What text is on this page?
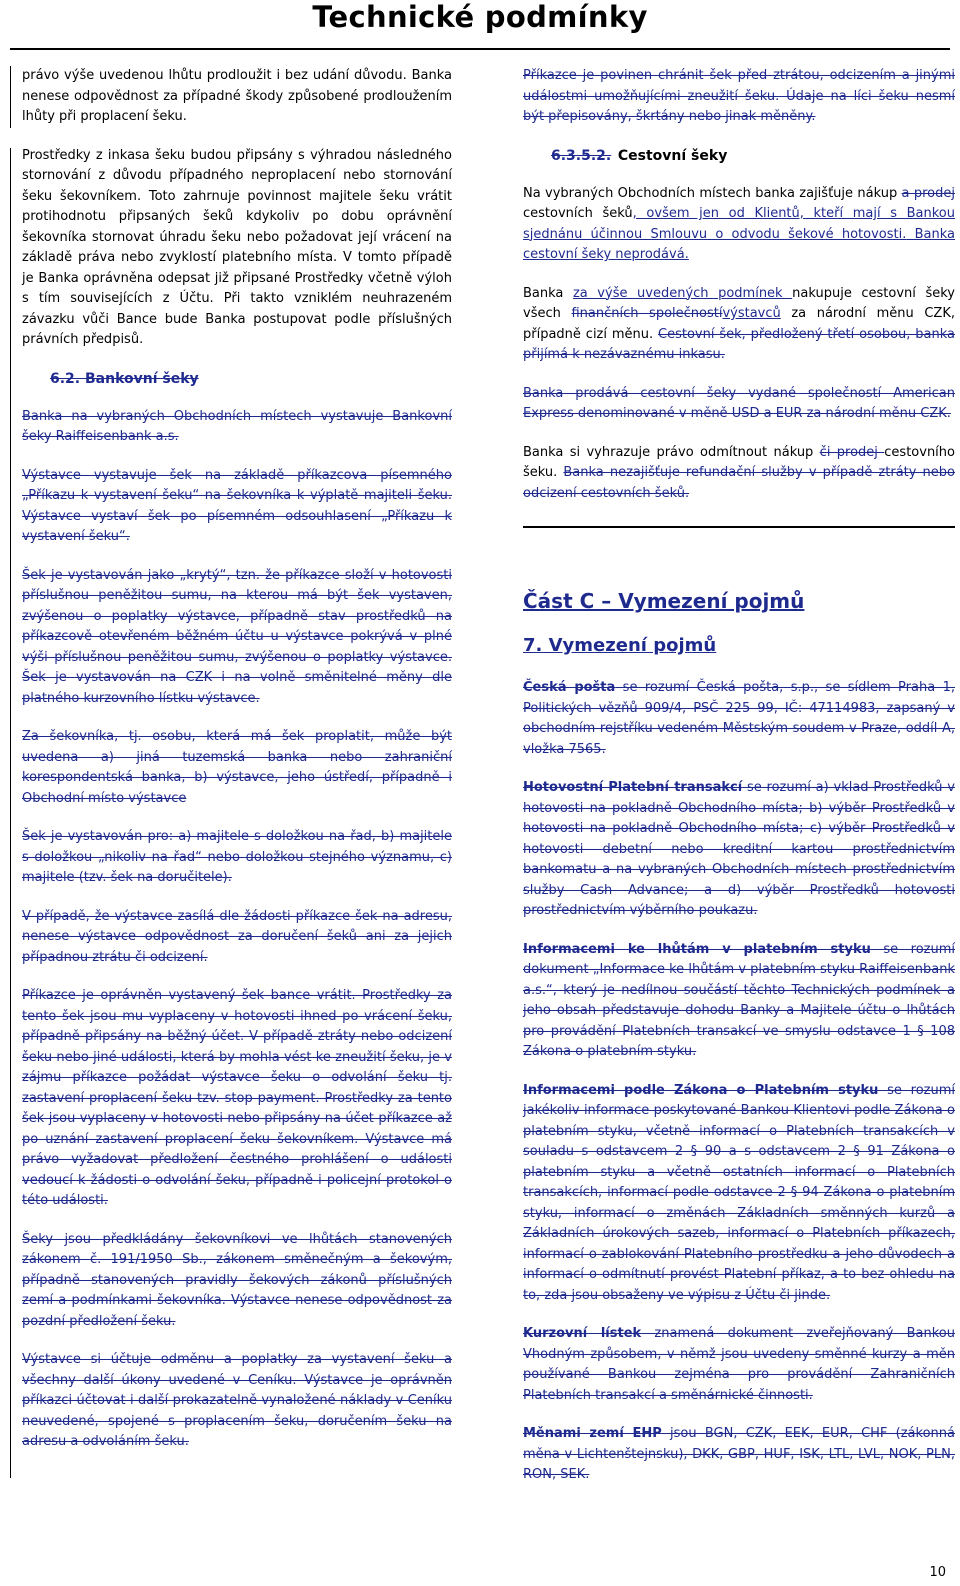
Technické podmínky

právo výše uvedenou lhůtu prodloužit i bez udání důvodu. Banka nenese odpovědnost za případné škody způsobené prodloužením lhůty při proplacení šeku.

Prostředky z inkasa šeku budou připsány s výhradou následného stornování z důvodu případného neproplacení nebo stornování šeku šekovníkem. Toto zahrnuje povinnost majitele šeku vrátit protihodnotu připsaných šeků kdykoliv po dobu oprávnění šekovníka stornovat úhradu šeku nebo požadovat její vrácení na základě práva nebo zvyklostí platebního místa. V tomto případě je Banka oprávněna odepsat již připsané Prostředky včetně výloh s tím souvisejících z Účtu. Při takto vzniklém neuhrazeném závazku vůči Bance bude Banka postupovat podle příslušných právních předpisů.

6.2. Bankovní šeky

Banka na vybraných Obchodních místech vystavuje Bankovní šeky Raiffeisenbank a.s.

Výstavce vystavuje šek na základě příkazcova písemného „Příkazu k vystavení šeku“ na šekovníka k výplatě majiteli šeku. Výstavce vystaví šek po písemném odsouhlasení „Příkazu k vystavení šeku“.

Šek je vystavován jako „krytý“, tzn. že příkazce složí v hotovosti příslušnou peněžitou sumu, na kterou má být šek vystaven, zvýšenou o poplatky výstavce, případně stav prostředků na příkazcově otevřeném běžném účtu u výstavce pokrývá v plné výši příslušnou peněžitou sumu, zvýšenou o poplatky výstavce. Šek je vystavován na CZK i na volně směnitelné měny dle platného kurzovního lístku výstavce.

Za šekovníka, tj. osobu, která má šek proplatit, může být uvedena a) jiná tuzemská banka nebo zahraniční korespondentská banka, b) výstavce, jeho ústředí, případně i Obchodní místo výstavce

Šek je vystavován pro: a) majitele s doložkou na řad, b) majitele s doložkou „nikoliv na řad“ nebo doložkou stejného významu, c) majitele (tzv. šek na doručitele).

V případě, že výstavce zasílá dle žádosti příkazce šek na adresu, nenese výstavce odpovědnost za doručení šeků ani za jejich případnou ztrátu či odcizení.

Příkazce je oprávněn vystavený šek bance vrátit. Prostředky za tento šek jsou mu vyplaceny v hotovosti ihned po vrácení šeku, případně připsány na běžný účet. V případě ztráty nebo odcizení šeku nebo jiné události, která by mohla vést ke zneužití šeku, je v zájmu příkazce požádat výstavce šeku o odvolání šeku tj. zastavení proplacení šeku tzv. stop payment. Prostředky za tento šek jsou vyplaceny v hotovosti nebo připsány na účet příkazce až po uznání zastavení proplacení šeku šekovníkem. Výstavce má právo vyžadovat předložení čestného prohlášení o události vedoucí k žádosti o odvolání šeku, případně i policejní protokol o této události.

Šeky jsou předkládány šekovníkovi ve lhůtách stanovených zákonem č. 191/1950 Sb., zákonem směnečným a šekovým, případně stanovených pravidly šekových zákonů příslušných zemí a podmínkami šekovníka. Výstavce nenese odpovědnost za pozdní předložení šeku.

Výstavce si účtuje odměnu a poplatky za vystavení šeku a všechny další úkony uvedené v Ceníku. Výstavce je oprávněn příkazci účtovat i další prokazatelně vynaložené náklady v Ceníku neuvedené, spojené s proplacením šeku, doručením šeku na adresu a odvoláním šeku.

Příkazce je povinen chránit šek před ztrátou, odcizením a jinými událostmi umožňujícími zneužití šeku. Údaje na líci šeku nesmí být přepisovány, škrtány nebo jinak měněny.

6.3.5.2. Cestovní šeky

Na vybraných Obchodních místech banka zajišťuje nákup a prodej cestovních šeků, ovšem jen od Klientů, kteří mají s Bankou sjednánu účinnou Smlouvu o odvodu šekové hotovosti. Banka cestovní šeky neprodává.

Banka za výše uvedených podmínek nakupuje cestovní šeky všech finančních společnostívýstavců za národní měnu CZK, případně cizí měnu. Cestovní šek, předložený třetí osobou, banka přijímá k nezávaznému inkasu.

Banka prodává cestovní šeky vydané společností American Express denominované v měně USD a EUR za národní měnu CZK.

Banka si vyhrazuje právo odmítnout nákup či prodej cestovního šeku. Banka nezajišťuje refundační služby v případě ztráty nebo odcizení cestovních šeků.

Část C – Vymezení pojmů
7. Vymezení pojmů

Česká pošta se rozumí Česká pošta, s.p., se sídlem Praha 1, Politických vězňů 909/4, PSČ 225 99, IČ: 47114983, zapsaný v obchodním rejstříku vedeném Městským soudem v Praze, oddíl A, vložka 7565.

Hotovostní Platební transakcí se rozumí a) vklad Prostředků v hotovosti na pokladně Obchodního místa; b) výběr Prostředků v hotovosti na pokladně Obchodního místa; c) výběr Prostředků v hotovosti debetní nebo kreditní kartou prostřednictvím bankomatu a na vybraných Obchodních místech prostřednictvím služby Cash Advance; a d) výběr Prostředků hotovosti prostřednictvím výběrního poukazu.

Informacemi ke lhůtám v platebním styku se rozumí dokument „Informace ke lhůtám v platebním styku Raiffeisenbank a.s.“, který je nedílnou součástí těchto Technických podmínek a jeho obsah představuje dohodu Banky a Majitele účtu o lhůtách pro provádění Platebních transakcí ve smyslu odstavce 1 § 108 Zákona o platebním styku.

Informacemi podle Zákona o Platebním styku se rozumí jakékoliv informace poskytované Bankou Klientovi podle Zákona o platebním styku, včetně informací o Platebních transakcích v souladu s odstavcem 2 § 90 a s odstavcem 2 § 91 Zákona o platebním styku a včetně ostatních informací o Platebních transakcích, informací podle odstavce 2 § 94 Zákona o platebním styku, informací o změnách Základních směnných kurzů a Základních úrokových sazeb, informací o Platebních příkazech, informací o zablokování Platebního prostředku a jeho důvodech a informací o odmítnutí provést Platební příkaz, a to bez ohledu na to, zda jsou obsaženy ve výpisu z Účtu či jinde.

Kurzovní lístek znamená dokument zveřejňovaný Bankou Vhodným způsobem, v němž jsou uvedeny směnné kurzy a měn používané Bankou zejména pro provádění Zahraničních Platebních transakcí a směnárnické činnosti.

Měnami zemí EHP jsou BGN, CZK, EEK, EUR, CHF (zákonná měna v Lichtenštejnsku), DKK, GBP, HUF, ISK, LTL, LVL, NOK, PLN, RON, SEK.

10
